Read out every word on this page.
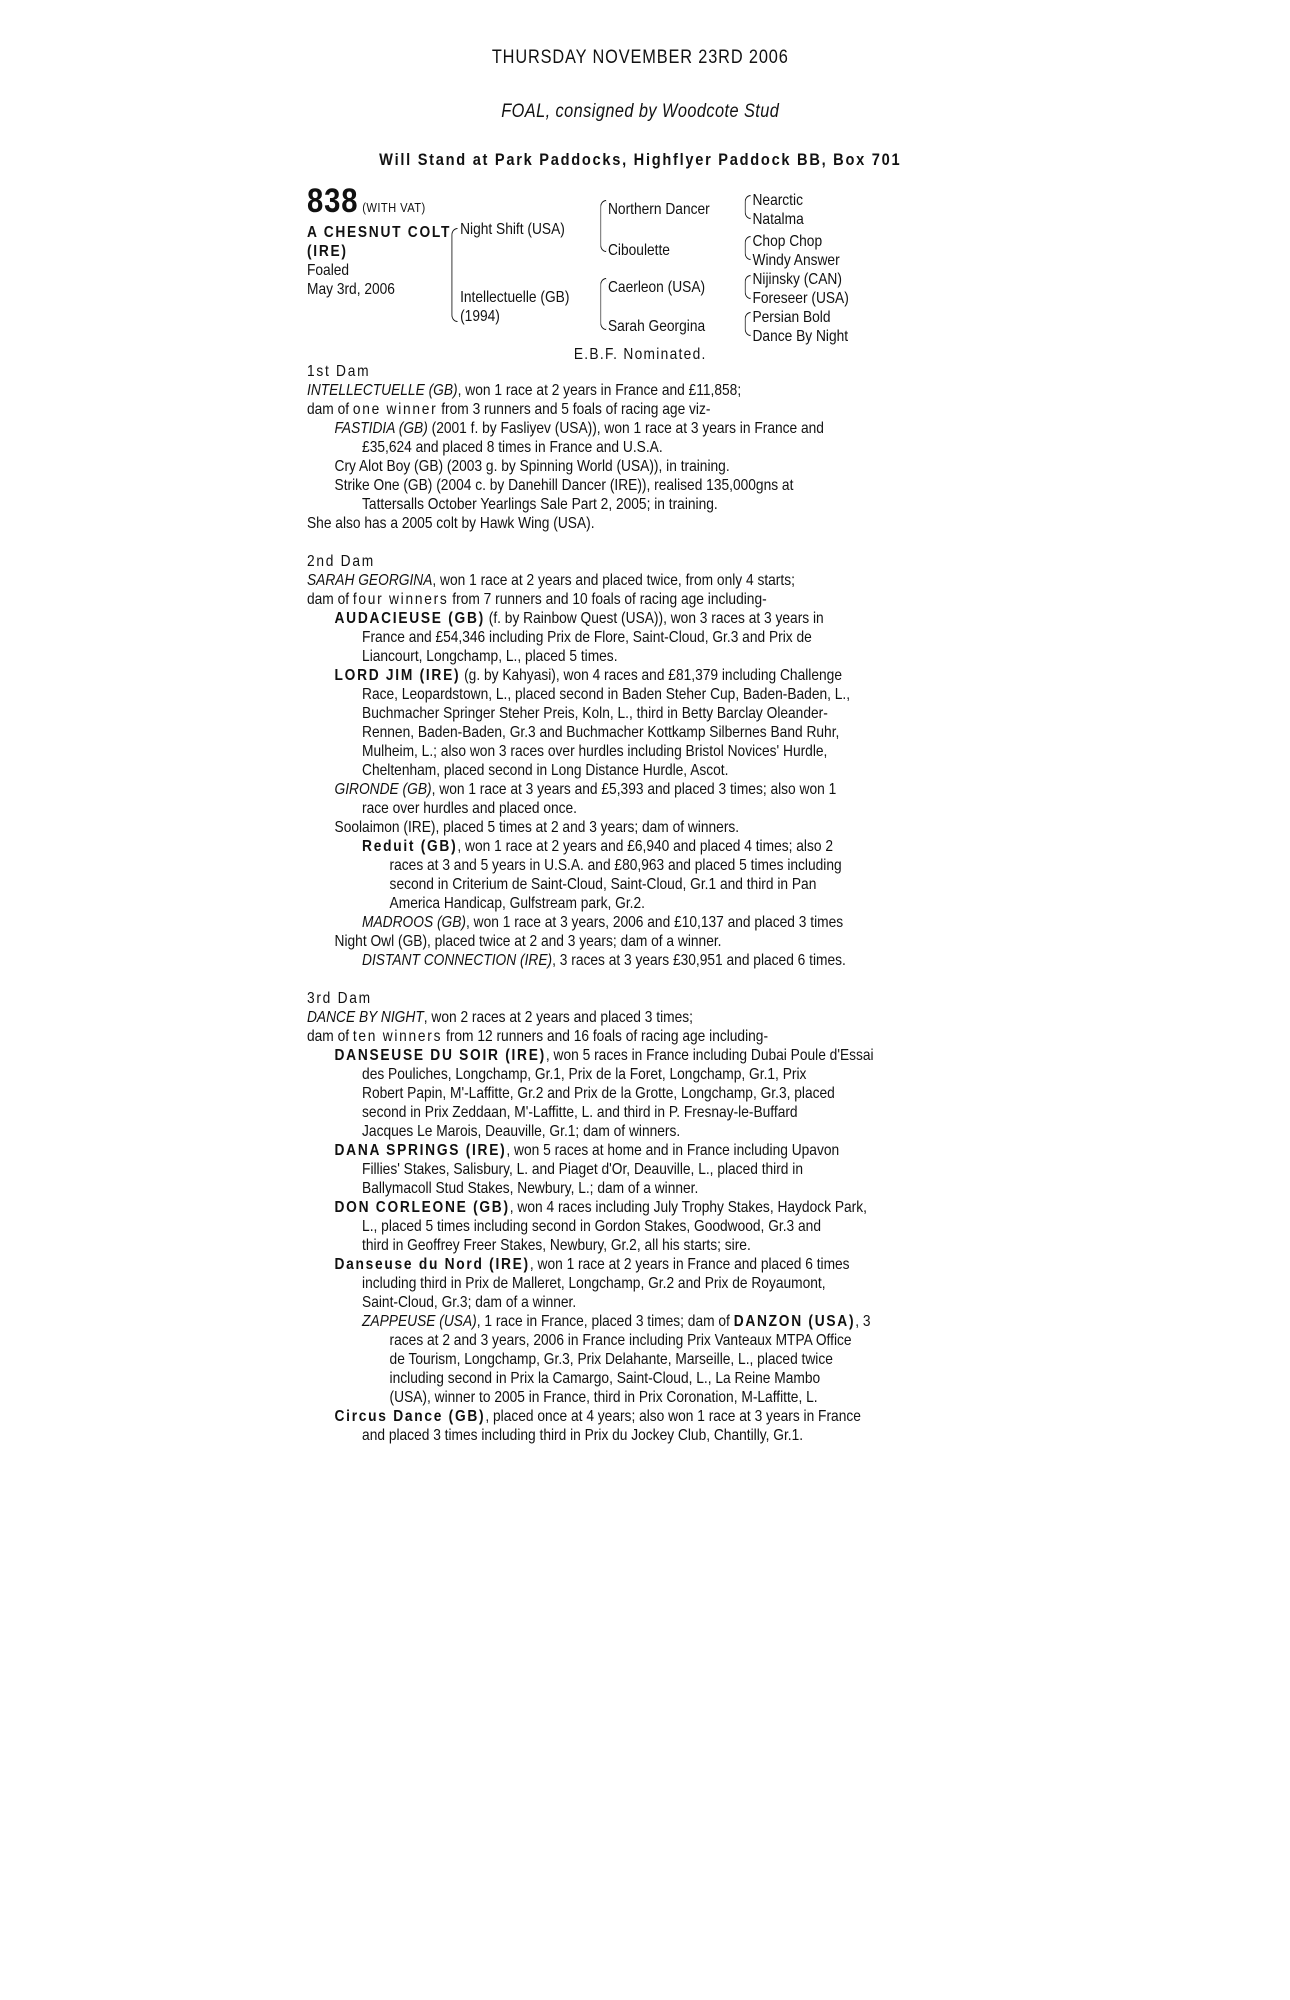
THURSDAY NOVEMBER 23RD 2006
FOAL, consigned by Woodcote Stud
Will Stand at Park Paddocks, Highflyer Paddock BB, Box 701
838 (WITH VAT)
A CHESNUT COLT
(IRE)
Foaled
May 3rd, 2006
Night Shift (USA)
Intellectuelle (GB)
(1994)
Northern Dancer
Ciboulette
Caerleon (USA)
Sarah Georgina
Nearctic
Natalma
Chop Chop
Windy Answer
Nijinsky (CAN)
Foreseer (USA)
Persian Bold
Dance By Night
E.B.F. Nominated.

1st Dam

INTELLECTUELLE (GB), won 1 race at 2 years in France and £11,858;

dam of one winner from 3 runners and 5 foals of racing age viz-

FASTIDIA (GB) (2001 f. by Fasliyev (USA)), won 1 race at 3 years in France and
£35,624 and placed 8 times in France and U.S.A.

Cry Alot Boy (GB) (2003 g. by Spinning World (USA)), in training.

Strike One (GB) (2004 c. by Danehill Dancer (IRE)), realised 135,000gns at
Tattersalls October Yearlings Sale Part 2, 2005; in training.

She also has a 2005 colt by Hawk Wing (USA).

2nd Dam

SARAH GEORGINA, won 1 race at 2 years and placed twice, from only 4 starts;

dam of four winners from 7 runners and 10 foals of racing age including-

AUDACIEUSE (GB) (f. by Rainbow Quest (USA)), won 3 races at 3 years in
France and £54,346 including Prix de Flore, Saint-Cloud, Gr.3 and Prix de
Liancourt, Longchamp, L., placed 5 times.

LORD JIM (IRE) (g. by Kahyasi), won 4 races and £81,379 including Challenge
Race, Leopardstown, L., placed second in Baden Steher Cup, Baden-Baden, L.,
Buchmacher Springer Steher Preis, Koln, L., third in Betty Barclay Oleander-
Rennen, Baden-Baden, Gr.3 and Buchmacher Kottkamp Silbernes Band Ruhr,
Mulheim, L.; also won 3 races over hurdles including Bristol Novices' Hurdle,
Cheltenham, placed second in Long Distance Hurdle, Ascot.

GIRONDE (GB), won 1 race at 3 years and £5,393 and placed 3 times; also won 1
race over hurdles and placed once.

Soolaimon (IRE), placed 5 times at 2 and 3 years; dam of winners.

Reduit (GB), won 1 race at 2 years and £6,940 and placed 4 times; also 2
races at 3 and 5 years in U.S.A. and £80,963 and placed 5 times including
second in Criterium de Saint-Cloud, Saint-Cloud, Gr.1 and third in Pan
America Handicap, Gulfstream park, Gr.2.

MADROOS (GB), won 1 race at 3 years, 2006 and £10,137 and placed 3 times

Night Owl (GB), placed twice at 2 and 3 years; dam of a winner.

DISTANT CONNECTION (IRE), 3 races at 3 years £30,951 and placed 6 times.

3rd Dam

DANCE BY NIGHT, won 2 races at 2 years and placed 3 times;

dam of ten winners from 12 runners and 16 foals of racing age including-

DANSEUSE DU SOIR (IRE), won 5 races in France including Dubai Poule d'Essai
des Pouliches, Longchamp, Gr.1, Prix de la Foret, Longchamp, Gr.1, Prix
Robert Papin, M'-Laffitte, Gr.2 and Prix de la Grotte, Longchamp, Gr.3, placed
second in Prix Zeddaan, M'-Laffitte, L. and third in P. Fresnay-le-Buffard
Jacques Le Marois, Deauville, Gr.1; dam of winners.

DANA SPRINGS (IRE), won 5 races at home and in France including Upavon
Fillies' Stakes, Salisbury, L. and Piaget d'Or, Deauville, L., placed third in
Ballymacoll Stud Stakes, Newbury, L.; dam of a winner.

DON CORLEONE (GB), won 4 races including July Trophy Stakes, Haydock Park,
L., placed 5 times including second in Gordon Stakes, Goodwood, Gr.3 and
third in Geoffrey Freer Stakes, Newbury, Gr.2, all his starts; sire.

Danseuse du Nord (IRE), won 1 race at 2 years in France and placed 6 times
including third in Prix de Malleret, Longchamp, Gr.2 and Prix de Royaumont,
Saint-Cloud, Gr.3; dam of a winner.

ZAPPEUSE (USA), 1 race in France, placed 3 times; dam of DANZON (USA), 3
races at 2 and 3 years, 2006 in France including Prix Vanteaux MTPA Office
de Tourism, Longchamp, Gr.3, Prix Delahante, Marseille, L., placed twice
including second in Prix la Camargo, Saint-Cloud, L., La Reine Mambo
(USA), winner to 2005 in France, third in Prix Coronation, M-Laffitte, L.

Circus Dance (GB), placed once at 4 years; also won 1 race at 3 years in France
and placed 3 times including third in Prix du Jockey Club, Chantilly, Gr.1.
